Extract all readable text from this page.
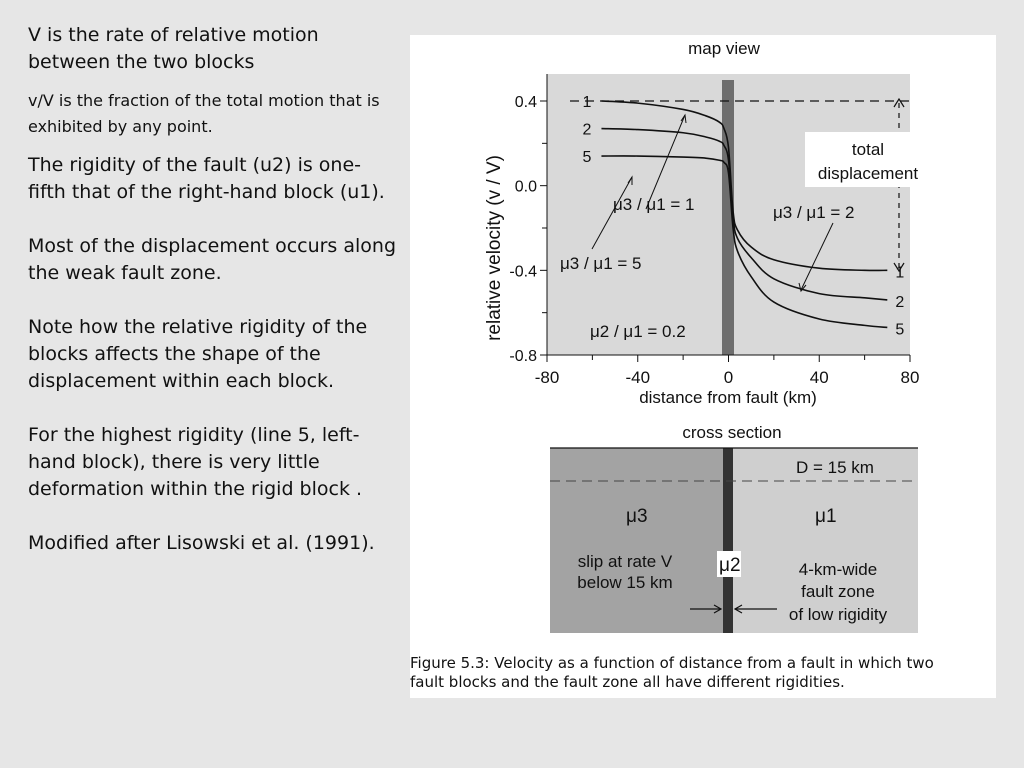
V is the rate of relative motion between the two blocks

v/V is the fraction of the total motion that is exhibited by any point.

The rigidity of the fault (u2) is one-fifth that of the right-hand block (u1).

Most of the displacement occurs along the weak fault zone.

Note how the relative rigidity of the blocks affects the shape of the displacement within each block.

For the highest rigidity (line 5, left-hand block), there is very little deformation within the rigid block .

Modified after Lisowski et al. (1991).

map view
-80	-40	0	40	80
0.4
0.0
-0.4
-0.8
relative velocity (v / V)
distance from fault (km)
total
displacement
1
1
2
2
5
5
μ3 / μ1 = 1	μ3 / μ1 = 2
μ3 / μ1 = 5
μ2 / μ1 = 0.2
cross section
D = 15 km
μ3	μ1
μ2
slip at rate V
below 15 km
4-km-wide
fault zone
of low rigidity
Figure 5.3: Velocity as a function of distance from a fault in which two
fault blocks and the fault zone all have different rigidities.
